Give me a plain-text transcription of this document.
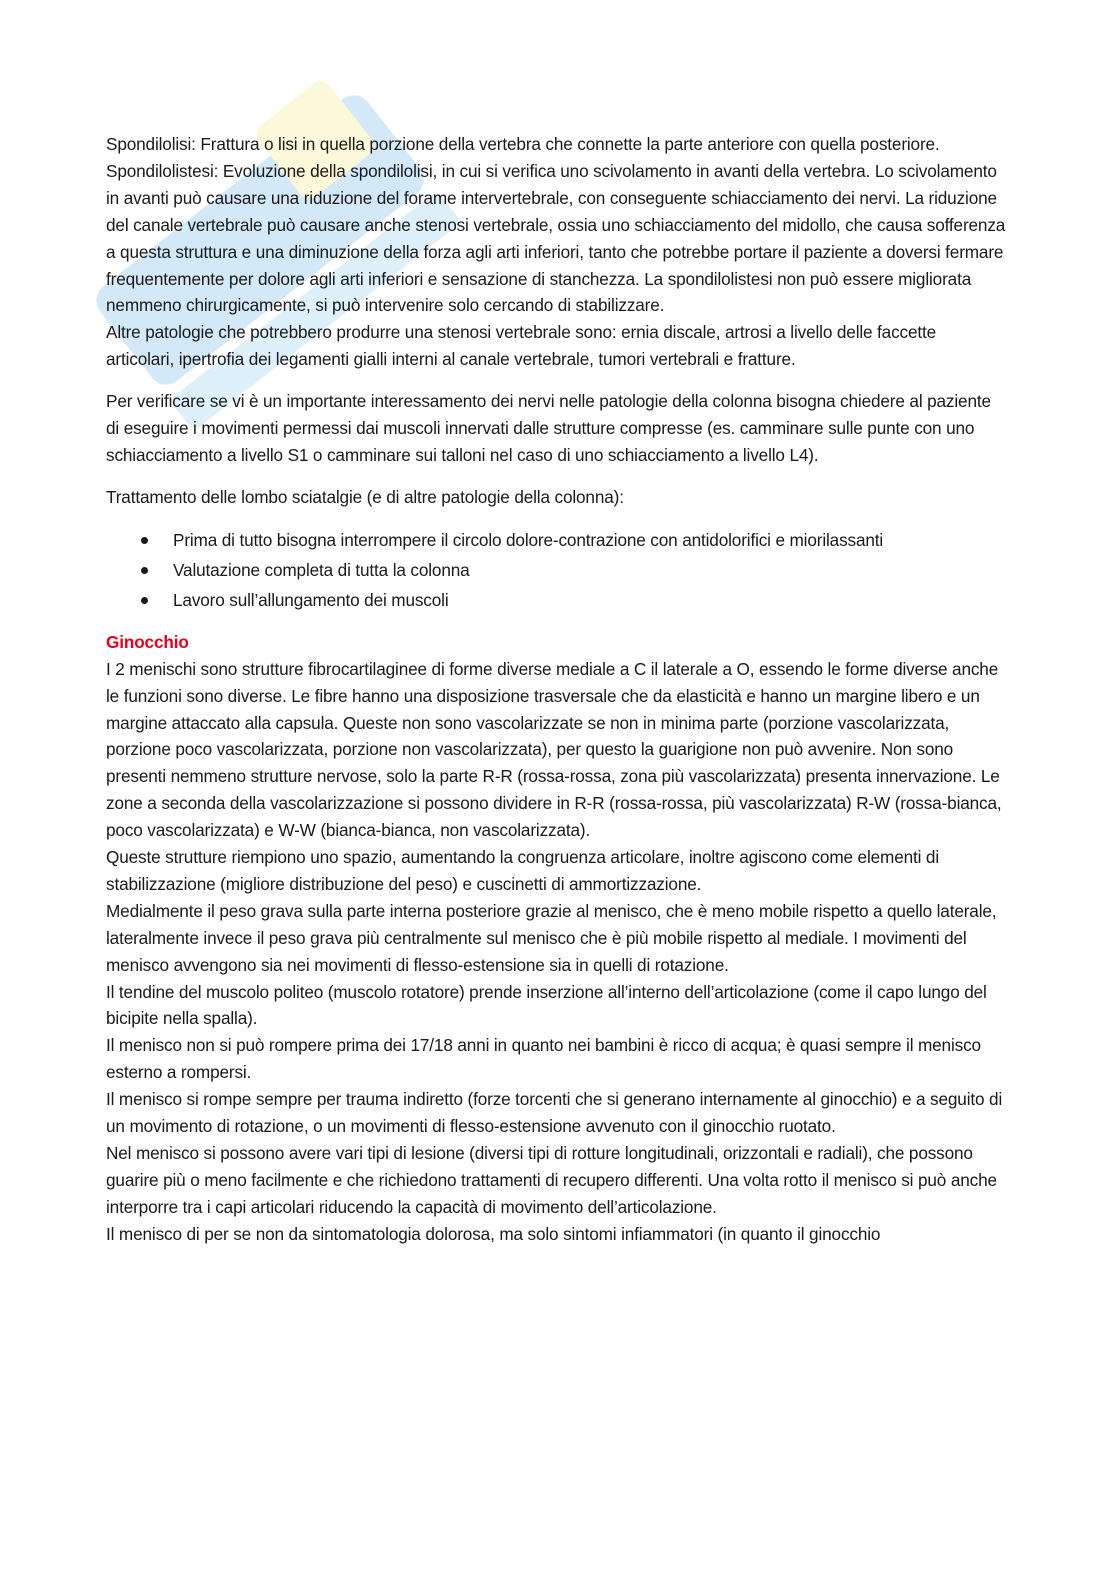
Spondilolisi: Frattura o lisi in quella porzione della vertebra che connette la parte anteriore con quella posteriore.

Spondilolistesi: Evoluzione della spondilolisi, in cui si verifica uno scivolamento in avanti della vertebra. Lo scivolamento in avanti può causare una riduzione del forame intervertebrale, con conseguente schiacciamento dei nervi. La riduzione del canale vertebrale può causare anche stenosi vertebrale, ossia uno schiacciamento del midollo, che causa sofferenza a questa struttura e una diminuzione della forza agli arti inferiori, tanto che potrebbe portare il paziente a doversi fermare frequentemente per dolore agli arti inferiori e sensazione di stanchezza. La spondilolistesi non può essere migliorata nemmeno chirurgicamente, si può intervenire solo cercando di stabilizzare.

Altre patologie che potrebbero produrre una stenosi vertebrale sono: ernia discale, artrosi a livello delle faccette articolari, ipertrofia dei legamenti gialli interni al canale vertebrale, tumori vertebrali e fratture.

Per verificare se vi è un importante interessamento dei nervi nelle patologie della colonna bisogna chiedere al paziente di eseguire i movimenti permessi dai muscoli innervati dalle strutture compresse (es. camminare sulle punte con uno schiacciamento a livello S1 o camminare sui talloni nel caso di uno schiacciamento a livello L4).

Trattamento delle lombo sciatalgie (e di altre patologie della colonna):

Prima di tutto bisogna interrompere il circolo dolore-contrazione con antidolorifici e miorilassanti
Valutazione completa di tutta la colonna
Lavoro sull’allungamento dei muscoli

Ginocchio

I 2 menischi sono strutture fibrocartilaginee di forme diverse mediale a C il laterale a O, essendo le forme diverse anche le funzioni sono diverse. Le fibre hanno una disposizione trasversale che da elasticità e hanno un margine libero e un margine attaccato alla capsula. Queste non sono vascolarizzate se non in minima parte (porzione vascolarizzata, porzione poco vascolarizzata, porzione non vascolarizzata), per questo la guarigione non può avvenire. Non sono presenti nemmeno strutture nervose, solo la parte R-R (rossa-rossa, zona più vascolarizzata) presenta innervazione. Le zone a seconda della vascolarizzazione si possono dividere in R-R (rossa-rossa, più vascolarizzata) R-W (rossa-bianca, poco vascolarizzata) e W-W (bianca-bianca, non vascolarizzata).

Queste strutture riempiono uno spazio, aumentando la congruenza articolare, inoltre agiscono come elementi di stabilizzazione (migliore distribuzione del peso) e cuscinetti di ammortizzazione.

Medialmente il peso grava sulla parte interna posteriore grazie al menisco, che è meno mobile rispetto a quello laterale, lateralmente invece il peso grava più centralmente sul menisco che è più mobile rispetto al mediale. I movimenti del menisco avvengono sia nei movimenti di flesso-estensione sia in quelli di rotazione.

Il tendine del muscolo politeo (muscolo rotatore) prende inserzione all’interno dell’articolazione (come il capo lungo del bicipite nella spalla).

Il menisco non si può rompere prima dei 17/18 anni in quanto nei bambini è ricco di acqua; è quasi sempre il menisco esterno a rompersi.

Il menisco si rompe sempre per trauma indiretto (forze torcenti che si generano internamente al ginocchio) e a seguito di un movimento di rotazione, o un movimenti di flesso-estensione avvenuto con il ginocchio ruotato.

Nel menisco si possono avere vari tipi di lesione (diversi tipi di rotture longitudinali, orizzontali e radiali), che possono guarire più o meno facilmente e che richiedono trattamenti di recupero differenti. Una volta rotto il menisco si può anche interporre tra i capi articolari riducendo la capacità di movimento dell’articolazione.

Il menisco di per se non da sintomatologia dolorosa, ma solo sintomi infiammatori (in quanto il ginocchio
